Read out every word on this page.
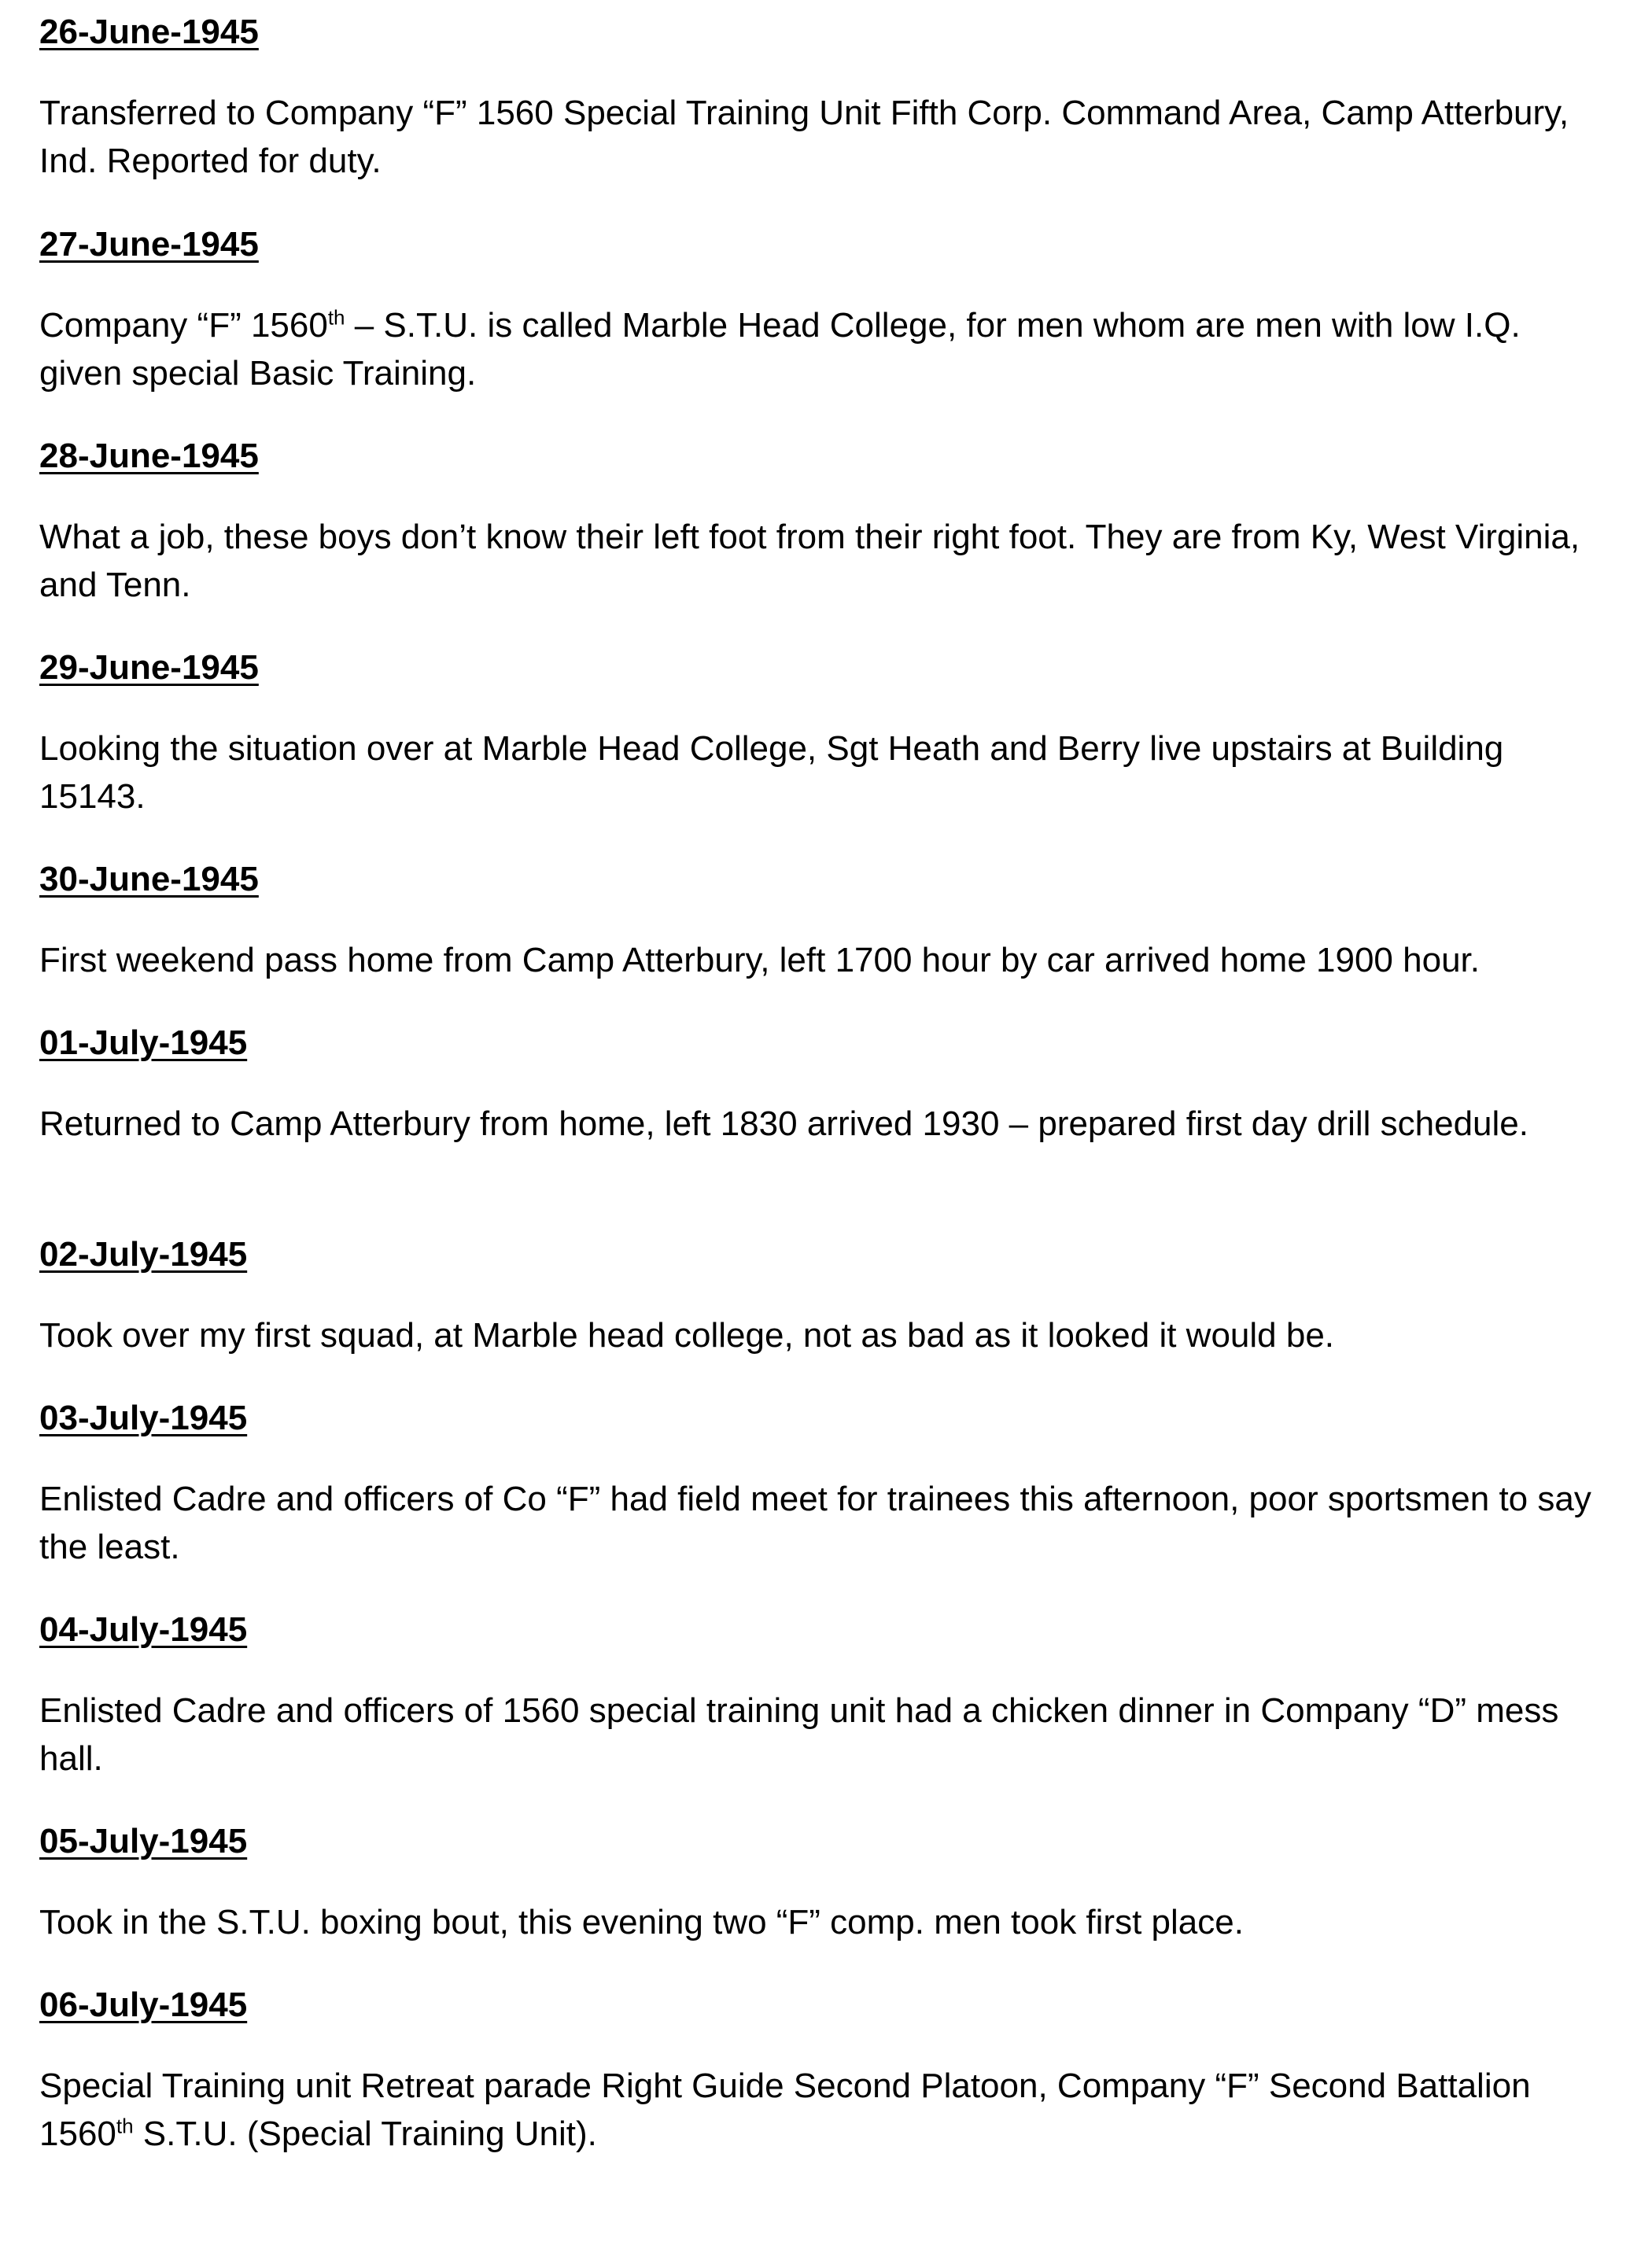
26-June-1945
Transferred to Company “F” 1560 Special Training Unit Fifth Corp. Command Area, Camp Atterbury, Ind. Reported for duty.
27-June-1945
Company “F” 1560th – S.T.U. is called Marble Head College, for men whom are men with low I.Q. given special Basic Training.
28-June-1945
What a job, these boys don’t know their left foot from their right foot. They are from Ky, West Virginia, and Tenn.
29-June-1945
Looking the situation over at Marble Head College, Sgt Heath and Berry live upstairs at Building 15143.
30-June-1945
First weekend pass home from Camp Atterbury, left 1700 hour by car arrived home 1900 hour.
01-July-1945
Returned to Camp Atterbury from home, left 1830 arrived 1930 – prepared first day drill schedule.
02-July-1945
Took over my first squad, at Marble head college, not as bad as it looked it would be.
03-July-1945
Enlisted Cadre and officers of Co “F” had field meet for trainees this afternoon, poor sportsmen to say the least.
04-July-1945
Enlisted Cadre and officers of 1560 special training unit had a chicken dinner in Company “D” mess hall.
05-July-1945
Took in the S.T.U. boxing bout, this evening two “F” comp. men took first place.
06-July-1945
Special Training unit Retreat parade Right Guide Second Platoon, Company “F” Second Battalion 1560th S.T.U. (Special Training Unit).
